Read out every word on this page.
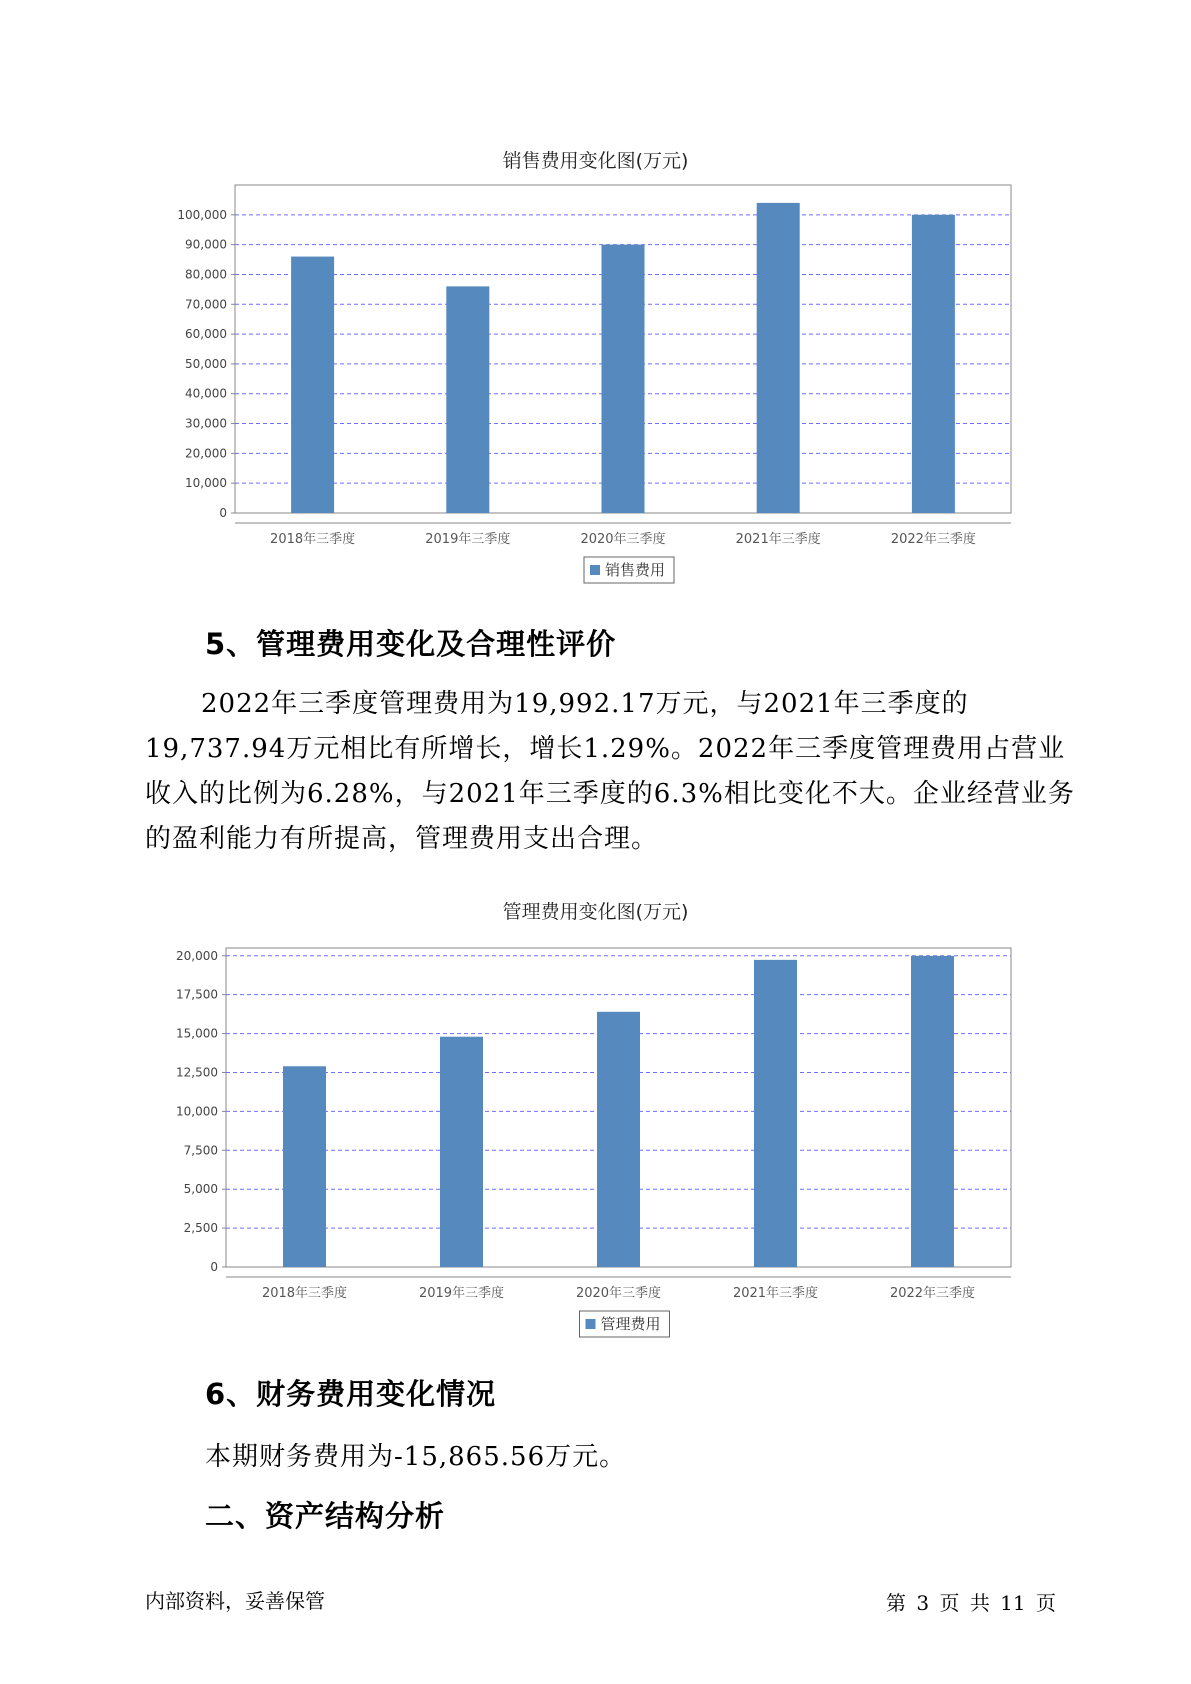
销售费用变化图(万元)
0
10,000
20,000
30,000
40,000
50,000
60,000
70,000
80,000
90,000
100,000
2018年三季度	2019年三季度	2020年三季度	2021年三季度	2022年三季度
销售费用
5、管理费用变化及合理性评价

2022年三季度管理费用为19,992.17万元，与2021年三季度的19,737.94万元相比有所增长，增长1.29%。2022年三季度管理费用占营业收入的比例为6.28%，与2021年三季度的6.3%相比变化不大。企业经营业务的盈利能力有所提高，管理费用支出合理。

管理费用变化图(万元)
0
2,500
5,000
7,500
10,000
12,500
15,000
17,500
20,000
2018年三季度	2019年三季度	2020年三季度	2021年三季度	2022年三季度
管理费用
6、财务费用变化情况
本期财务费用为-15,865.56万元。
二、资产结构分析
内部资料，妥善保管	第 3 页 共 11 页
